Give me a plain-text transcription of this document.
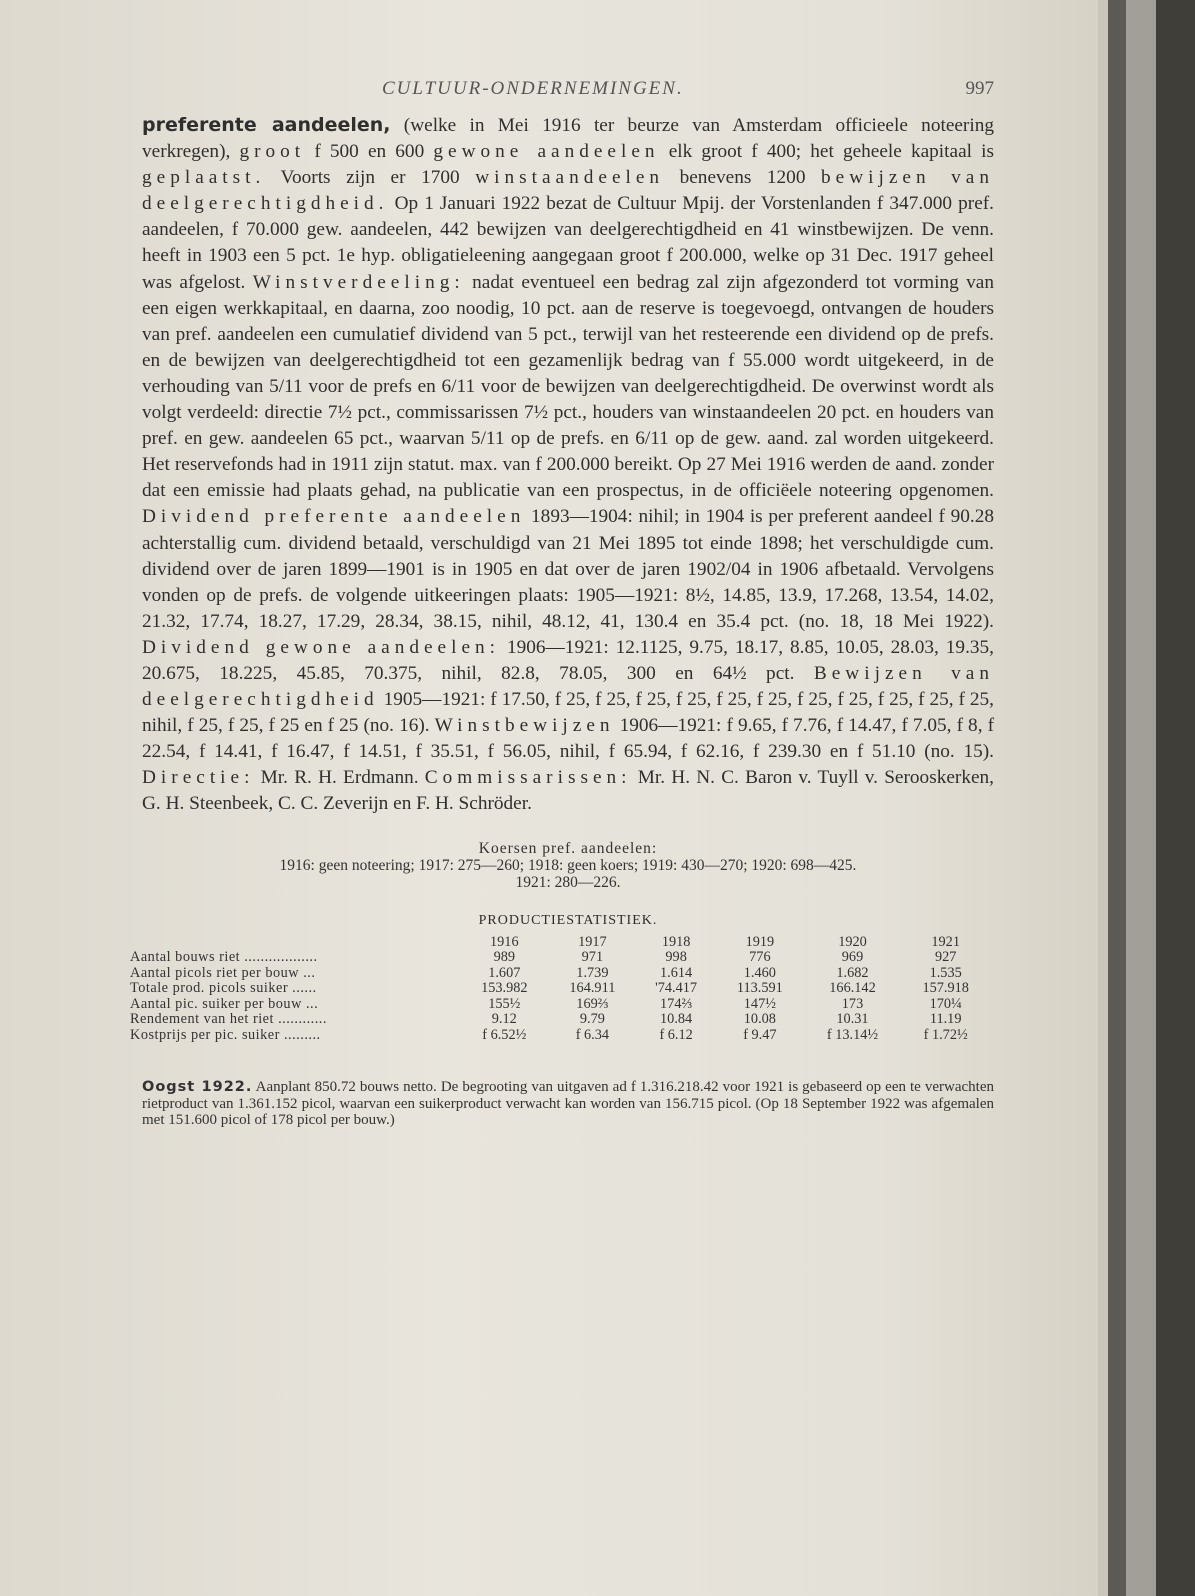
CULTUUR-ONDERNEMINGEN.	997

preferente aandeelen, (welke in Mei 1916 ter beurze van Amsterdam officieele noteering verkregen), groot f 500 en 600 gewone aandeelen elk groot f 400; het geheele kapitaal is geplaatst. Voorts zijn er 1700 winstaandeelen benevens 1200 bewijzen van deelgerechtigdheid. Op 1 Januari 1922 bezat de Cultuur Mpij. der Vorstenlanden f 347.000 pref. aandeelen, f 70.000 gew. aandeelen, 442 bewijzen van deelgerechtigdheid en 41 winstbewijzen. De venn. heeft in 1903 een 5 pct. 1e hyp. obligatieleening aangegaan groot f 200.000, welke op 31 Dec. 1917 geheel was afgelost. Winstverdeeling: nadat eventueel een bedrag zal zijn afgezonderd tot vorming van een eigen werkkapitaal, en daarna, zoo noodig, 10 pct. aan de reserve is toegevoegd, ontvangen de houders van pref. aandeelen een cumulatief dividend van 5 pct., terwijl van het resteerende een dividend op de prefs. en de bewijzen van deelgerechtigdheid tot een gezamenlijk bedrag van f 55.000 wordt uitgekeerd, in de verhouding van 5/11 voor de prefs en 6/11 voor de bewijzen van deelgerechtigdheid. De overwinst wordt als volgt verdeeld: directie 7½ pct., commissarissen 7½ pct., houders van winstaandeelen 20 pct. en houders van pref. en gew. aandeelen 65 pct., waarvan 5/11 op de prefs. en 6/11 op de gew. aand. zal worden uitgekeerd. Het reservefonds had in 1911 zijn statut. max. van f 200.000 bereikt. Op 27 Mei 1916 werden de aand. zonder dat een emissie had plaats gehad, na publicatie van een prospectus, in de officiëele noteering opgenomen. Dividend preferente aandeelen 1893—1904: nihil; in 1904 is per preferent aandeel f 90.28 achterstallig cum. dividend betaald, verschuldigd van 21 Mei 1895 tot einde 1898; het verschuldigde cum. dividend over de jaren 1899—1901 is in 1905 en dat over de jaren 1902/04 in 1906 afbetaald. Vervolgens vonden op de prefs. de volgende uitkeeringen plaats: 1905—1921: 8½, 14.85, 13.9, 17.268, 13.54, 14.02, 21.32, 17.74, 18.27, 17.29, 28.34, 38.15, nihil, 48.12, 41, 130.4 en 35.4 pct. (no. 18, 18 Mei 1922). Dividend gewone aandeelen: 1906—1921: 12.1125, 9.75, 18.17, 8.85, 10.05, 28.03, 19.35, 20.675, 18.225, 45.85, 70.375, nihil, 82.8, 78.05, 300 en 64½ pct. Bewijzen van deelgerechtigdheid 1905—1921: f 17.50, f 25, f 25, f 25, f 25, f 25, f 25, f 25, f 25, f 25, f 25, f 25, nihil, f 25, f 25, f 25 en f 25 (no. 16). Winstbewijzen 1906—1921: f 9.65, f 7.76, f 14.47, f 7.05, f 8, f 22.54, f 14.41, f 16.47, f 14.51, f 35.51, f 56.05, nihil, f 65.94, f 62.16, f 239.30 en f 51.10 (no. 15). Directie: Mr. R. H. Erdmann. Commissarissen: Mr. H. N. C. Baron v. Tuyll v. Serooskerken, G. H. Steenbeek, C. C. Zeverijn en F. H. Schröder.

Koersen pref. aandeelen:
1916: geen noteering; 1917: 275—260; 1918: geen koers; 1919: 430—270; 1920: 698—425.
1921: 280—226.
PRODUCTIESTATISTIEK.
	1916	1917	1918	1919	1920	1921
Aantal bouws riet ..................	989	971	998	776	969	927
Aantal picols riet per bouw ...	1.607	1.739	1.614	1.460	1.682	1.535
Totale prod. picols suiker ......	153.982	164.911	'74.417	113.591	166.142	157.918
Aantal pic. suiker per bouw ...	155½	169⅔	174⅔	147½	173	170¼
Rendement van het riet ............	9.12	9.79	10.84	10.08	10.31	11.19
Kostprijs per pic. suiker .........	f 6.52½	f 6.34	f 6.12	f 9.47	f 13.14½	f 1.72½

Oogst 1922. Aanplant 850.72 bouws netto. De begrooting van uitgaven ad f 1.316.218.42 voor 1921 is gebaseerd op een te verwachten rietproduct van 1.361.152 picol, waarvan een suikerproduct verwacht kan worden van 156.715 picol. (Op 18 September 1922 was afgemalen met 151.600 picol of 178 picol per bouw.)
